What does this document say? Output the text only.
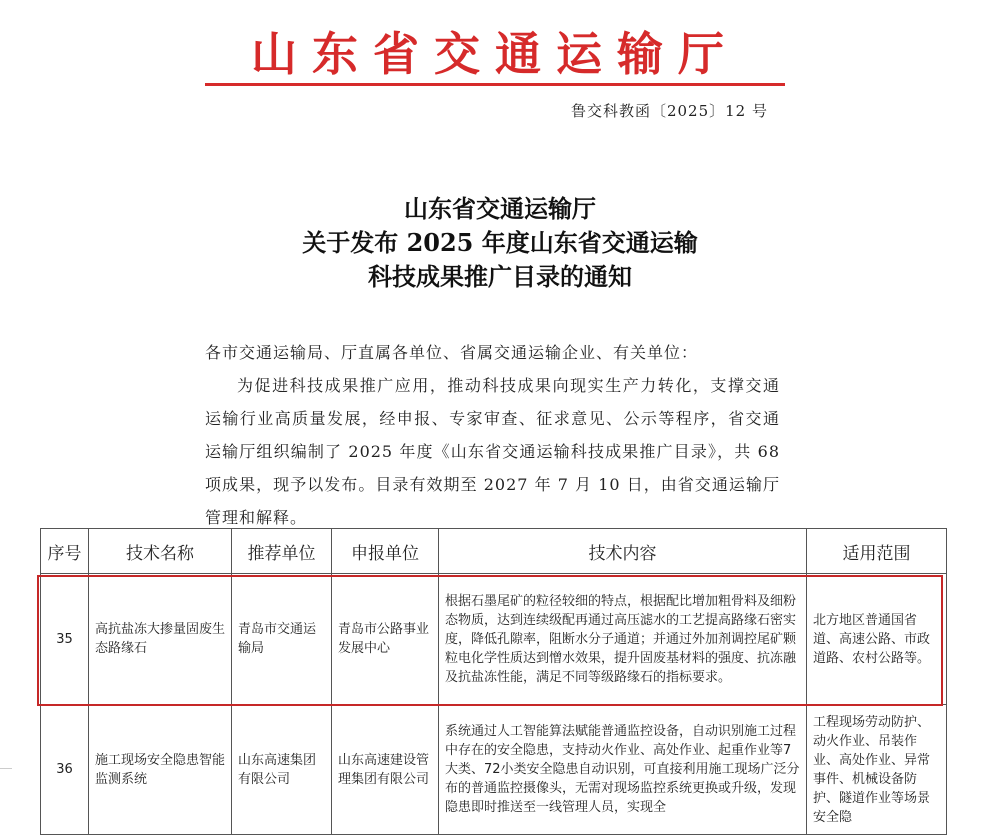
山东省交通运输厅
鲁交科教函〔2025〕12 号
山东省交通运输厅
关于发布 2025 年度山东省交通运输
科技成果推广目录的通知

各市交通运输局、厅直属各单位、省属交通运输企业、有关单位：

为促进科技成果推广应用，推动科技成果向现实生产力转化，支撑交通运输行业高质量发展，经申报、专家审查、征求意见、公示等程序，省交通运输厅组织编制了 2025 年度《山东省交通运输科技成果推广目录》，共 68 项成果，现予以发布。目录有效期至 2027 年 7 月 10 日，由省交通运输厅管理和解释。

序号	技术名称	推荐单位	申报单位	技术内容	适用范围
35	高抗盐冻大掺量固废生态路缘石	青岛市交通运输局	青岛市公路事业发展中心	根据石墨尾矿的粒径较细的特点，根据配比增加粗骨料及细粉态物质，达到连续级配再通过高压滤水的工艺提高路缘石密实度，降低孔隙率，阻断水分子通道；并通过外加剂调控尾矿颗粒电化学性质达到憎水效果，提升固废基材料的强度、抗冻融及抗盐冻性能，满足不同等级路缘石的指标要求。	北方地区普通国省道、高速公路、市政道路、农村公路等。
36	施工现场安全隐患智能监测系统	山东高速集团有限公司	山东高速建设管理集团有限公司	系统通过人工智能算法赋能普通监控设备，自动识别施工过程中存在的安全隐患，支持动火作业、高处作业、起重作业等7大类、72小类安全隐患自动识别，可直接利用施工现场广泛分布的普通监控摄像头，无需对现场监控系统更换或升级，发现隐患即时推送至一线管理人员，实现全	工程现场劳动防护、动火作业、吊装作业、高处作业、异常事件、机械设备防护、隧道作业等场景安全隐
